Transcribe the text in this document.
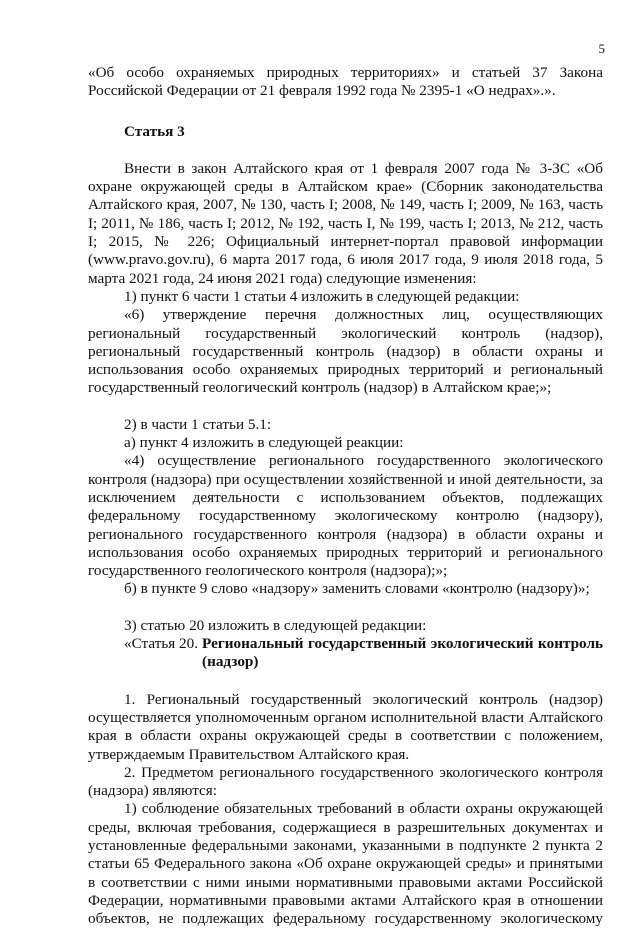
5

«Об особо охраняемых природных территориях» и статьей 37 Закона Российской Федерации от 21 февраля 1992 года № 2395-1 «О недрах».».

Статья 3

Внести в закон Алтайского края от 1 февраля 2007 года № 3-ЗС «Об охране окружающей среды в Алтайском крае» (Сборник законодательства Алтайского края, 2007, № 130, часть I; 2008, № 149, часть I; 2009, № 163, часть I; 2011, № 186, часть I; 2012, № 192, часть I, № 199, часть I; 2013, № 212, часть I; 2015, № 226; Официальный интернет-портал правовой информации (www.pravo.gov.ru), 6 марта 2017 года, 6 июля 2017 года, 9 июля 2018 года, 5 марта 2021 года, 24 июня 2021 года) следующие изменения:

1) пункт 6 части 1 статьи 4 изложить в следующей редакции:

«6) утверждение перечня должностных лиц, осуществляющих региональный государственный экологический контроль (надзор), региональный государственный контроль (надзор) в области охраны и использования особо охраняемых природных территорий и региональный государственный геологический контроль (надзор) в Алтайском крае;»;

2) в части 1 статьи 5.1:

а) пункт 4 изложить в следующей реакции:

«4) осуществление регионального государственного экологического контроля (надзора) при осуществлении хозяйственной и иной деятельности, за исключением деятельности с использованием объектов, подлежащих федеральному государственному экологическому контролю (надзору), регионального государственного контроля (надзора) в области охраны и использования особо охраняемых природных территорий и регионального государственного геологического контроля (надзора);»;

б) в пункте 9 слово «надзору» заменить словами «контролю (надзору)»;

3) статью 20 изложить в следующей редакции:

«Статья 20. Региональный государственный экологический контроль (надзор)

1. Региональный государственный экологический контроль (надзор) осуществляется уполномоченным органом исполнительной власти Алтайского края в области охраны окружающей среды в соответствии с положением, утверждаемым Правительством Алтайского края.

2. Предметом регионального государственного экологического контроля (надзора) являются:

1) соблюдение обязательных требований в области охраны окружающей среды, включая требования, содержащиеся в разрешительных документах и установленные федеральными законами, указанными в подпункте 2 пункта 2 статьи 65 Федерального закона «Об охране окружающей среды» и принятыми в соответствии с ними иными нормативными правовыми актами Российской Федерации, нормативными правовыми актами Алтайского края в отношении объектов, не подлежащих федеральному государственному экологическому
